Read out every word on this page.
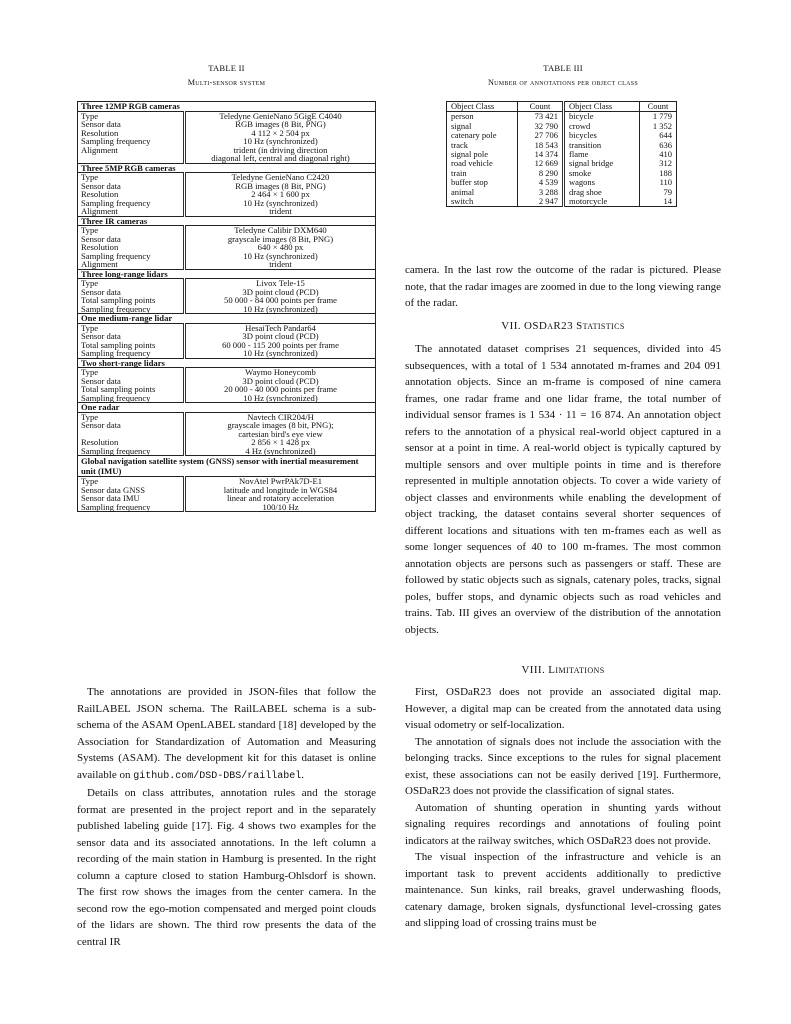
TABLE II
Multi-sensor system
Three 12MP RGB cameras	
Type	Teledyne GenieNano 5GigE C4040

Sensor data	RGB images (8 Bit, PNG)

Resolution	4 112 × 2 504 px

Sampling frequency	10 Hz (synchronized)

Alignment	trident (in driving direction
diagonal left, central and diagonal right)

Three 5MP RGB cameras	
Type	Teledyne GenieNano C2420

Sensor data	RGB images (8 Bit, PNG)

Resolution	2 464 × 1 600 px

Sampling frequency	10 Hz (synchronized)

Alignment	trident

Three IR cameras	
Type	Teledyne Calibir DXM640

Sensor data	grayscale images (8 Bit, PNG)

Resolution	640 × 480 px

Sampling frequency	10 Hz (synchronized)

Alignment	trident

Three long-range lidars	
Type	Livox Tele-15

Sensor data	3D point cloud (PCD)

Total sampling points	50 000 - 84 000 points per frame

Sampling frequency	10 Hz (synchronized)

One medium-range lidar	
Type	HesaiTech Pandar64

Sensor data	3D point cloud (PCD)

Total sampling points	60 000 - 115 200 points per frame

Sampling frequency	10 Hz (synchronized)

Two short-range lidars	
Type	Waymo Honeycomb

Sensor data	3D point cloud (PCD)

Total sampling points	20 000 - 40 000 points per frame

Sampling frequency	10 Hz (synchronized)

One radar	
Type	Navtech CIR204/H

Sensor data	grayscale images (8 bit, PNG);
cartesian bird's eye view

Resolution	2 856 × 1 428 px

Sampling frequency	4 Hz (synchronized)

Global navigation satellite system (GNSS) sensor with inertial measurement unit (IMU)	
Type	NovAtel PwrPAk7D-E1

Sensor data GNSS	latitude and longitude in WGS84

Sensor data IMU	linear and rotatory acceleration

Sampling frequency	100/10 Hz
TABLE III
Number of annotations per object class
Object Class	Count	Object Class	Count
person	73 421	bicycle	1 779
signal	32 790	crowd	1 352
catenary pole	27 706	bicycles	644
track	18 543	transition	636
signal pole	14 374	flame	410
road vehicle	12 669	signal bridge	312
train	8 290	smoke	188
buffer stop	4 539	wagons	110
animal	3 288	drag shoe	79
switch	2 947	motorcycle	14

The annotations are provided in JSON-files that follow the RailLABEL JSON schema. The RailLABEL schema is a sub-schema of the ASAM OpenLABEL standard [18] developed by the Association for Standardization of Automation and Measuring Systems (ASAM). The development kit for this dataset is online available on github.com/DSD-DBS/raillabel.

Details on class attributes, annotation rules and the storage format are presented in the project report and in the separately published labeling guide [17]. Fig. 4 shows two examples for the sensor data and its associated annotations. In the left column a recording of the main station in Hamburg is presented. In the right column a capture closed to station Hamburg-Ohlsdorf is shown. The first row shows the images from the center camera. In the second row the ego-motion compensated and merged point clouds of the lidars are shown. The third row presents the data of the central IR

camera. In the last row the outcome of the radar is pictured. Please note, that the radar images are zoomed in due to the long viewing range of the radar.

VII. OSDaR23 Statistics

The annotated dataset comprises 21 sequences, divided into 45 subsequences, with a total of 1 534 annotated m-frames and 204 091 annotation objects. Since an m-frame is composed of nine camera frames, one radar frame and one lidar frame, the total number of individual sensor frames is 1 534 · 11 = 16 874. An annotation object refers to the annotation of a physical real-world object captured in a sensor at a point in time. A real-world object is typically captured by multiple sensors and over multiple points in time and is therefore represented in multiple annotation objects. To cover a wide variety of object classes and environments while enabling the development of object tracking, the dataset contains several shorter sequences of different locations and situations with ten m-frames each as well as some longer sequences of 40 to 100 m-frames. The most common annotation objects are persons such as passengers or staff. These are followed by static objects such as signals, catenary poles, tracks, signal poles, buffer stops, and dynamic objects such as road vehicles and trains. Tab. III gives an overview of the distribution of the annotation objects.

VIII. Limitations

First, OSDaR23 does not provide an associated digital map. However, a digital map can be created from the annotated data using visual odometry or self-localization.

The annotation of signals does not include the association with the belonging tracks. Since exceptions to the rules for signal placement exist, these associations can not be easily derived [19]. Furthermore, OSDaR23 does not provide the classification of signal states.

Automation of shunting operation in shunting yards without signaling requires recordings and annotations of fouling point indicators at the railway switches, which OSDaR23 does not provide.

The visual inspection of the infrastructure and vehicle is an important task to prevent accidents additionally to predictive maintenance. Sun kinks, rail breaks, gravel underwashing floods, catenary damage, broken signals, dysfunctional level-crossing gates and slipping load of crossing trains must be
